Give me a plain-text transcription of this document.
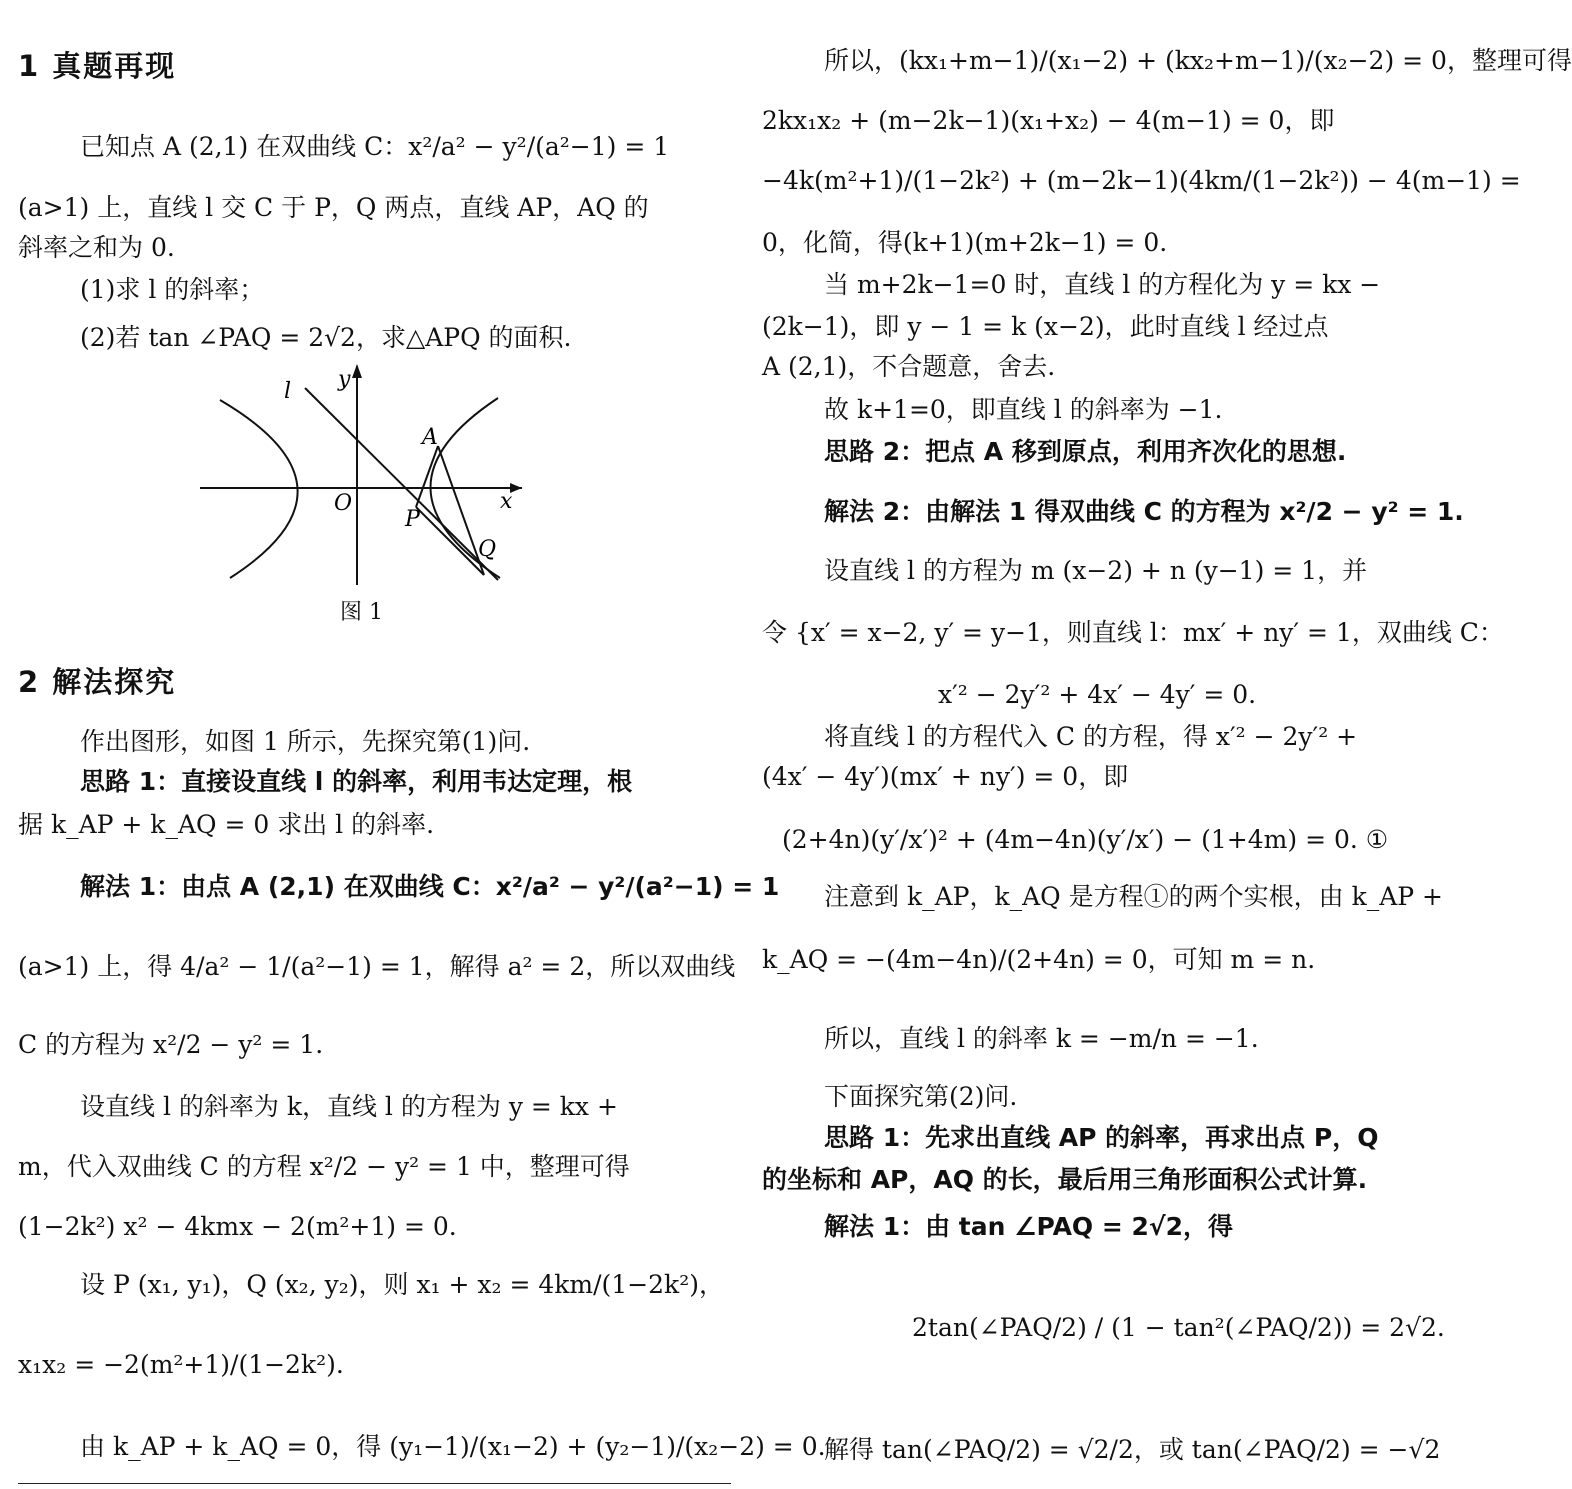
1 真题再现
已知点 A (2,1) 在双曲线 C：x²/a² − y²/(a²−1) = 1
(a>1) 上，直线 l 交 C 于 P，Q 两点，直线 AP，AQ 的
斜率之和为 0.
(1)求 l 的斜率；
(2)若 tan ∠PAQ = 2√2，求△APQ 的面积.
l y
x
O
A
P
Q
图 1
2 解法探究
作出图形，如图 1 所示，先探究第(1)问.
思路 1：直接设直线 l 的斜率，利用韦达定理，根
据 k_AP + k_AQ = 0 求出 l 的斜率.
解法 1：由点 A (2,1) 在双曲线 C：x²/a² − y²/(a²−1) = 1
(a>1) 上，得 4/a² − 1/(a²−1) = 1，解得 a² = 2，所以双曲线
C 的方程为 x²/2 − y² = 1.
设直线 l 的斜率为 k，直线 l 的方程为 y = kx +
m，代入双曲线 C 的方程 x²/2 − y² = 1 中，整理可得
(1−2k²) x² − 4kmx − 2(m²+1) = 0.
设 P (x₁, y₁)，Q (x₂, y₂)，则 x₁ + x₂ = 4km/(1−2k²)，
x₁x₂ = −2(m²+1)/(1−2k²).
由 k_AP + k_AQ = 0，得 (y₁−1)/(x₁−2) + (y₂−1)/(x₂−2) = 0.
所以，(kx₁+m−1)/(x₁−2) + (kx₂+m−1)/(x₂−2) = 0，整理可得
2kx₁x₂ + (m−2k−1)(x₁+x₂) − 4(m−1) = 0，即
−4k(m²+1)/(1−2k²) + (m−2k−1)(4km/(1−2k²)) − 4(m−1) =
0，化简，得(k+1)(m+2k−1) = 0.
当 m+2k−1=0 时，直线 l 的方程化为 y = kx −
(2k−1)，即 y − 1 = k (x−2)，此时直线 l 经过点
A (2,1)，不合题意，舍去.
故 k+1=0，即直线 l 的斜率为 −1.
思路 2：把点 A 移到原点，利用齐次化的思想.
解法 2：由解法 1 得双曲线 C 的方程为 x²/2 − y² = 1.
设直线 l 的方程为 m (x−2) + n (y−1) = 1，并
令 {x′ = x−2, y′ = y−1，则直线 l：mx′ + ny′ = 1，双曲线 C：
x′² − 2y′² + 4x′ − 4y′ = 0.
将直线 l 的方程代入 C 的方程，得 x′² − 2y′² +
(4x′ − 4y′)(mx′ + ny′) = 0，即
(2+4n)(y′/x′)² + (4m−4n)(y′/x′) − (1+4m) = 0. ①
注意到 k_AP，k_AQ 是方程①的两个实根，由 k_AP +
k_AQ = −(4m−4n)/(2+4n) = 0，可知 m = n.
所以，直线 l 的斜率 k = −m/n = −1.
下面探究第(2)问.
思路 1：先求出直线 AP 的斜率，再求出点 P，Q
的坐标和 AP，AQ 的长，最后用三角形面积公式计算.
解法 1：由 tan ∠PAQ = 2√2，得
2tan(∠PAQ/2) / (1 − tan²(∠PAQ/2)) = 2√2.
解得 tan(∠PAQ/2) = √2/2，或 tan(∠PAQ/2) = −√2
